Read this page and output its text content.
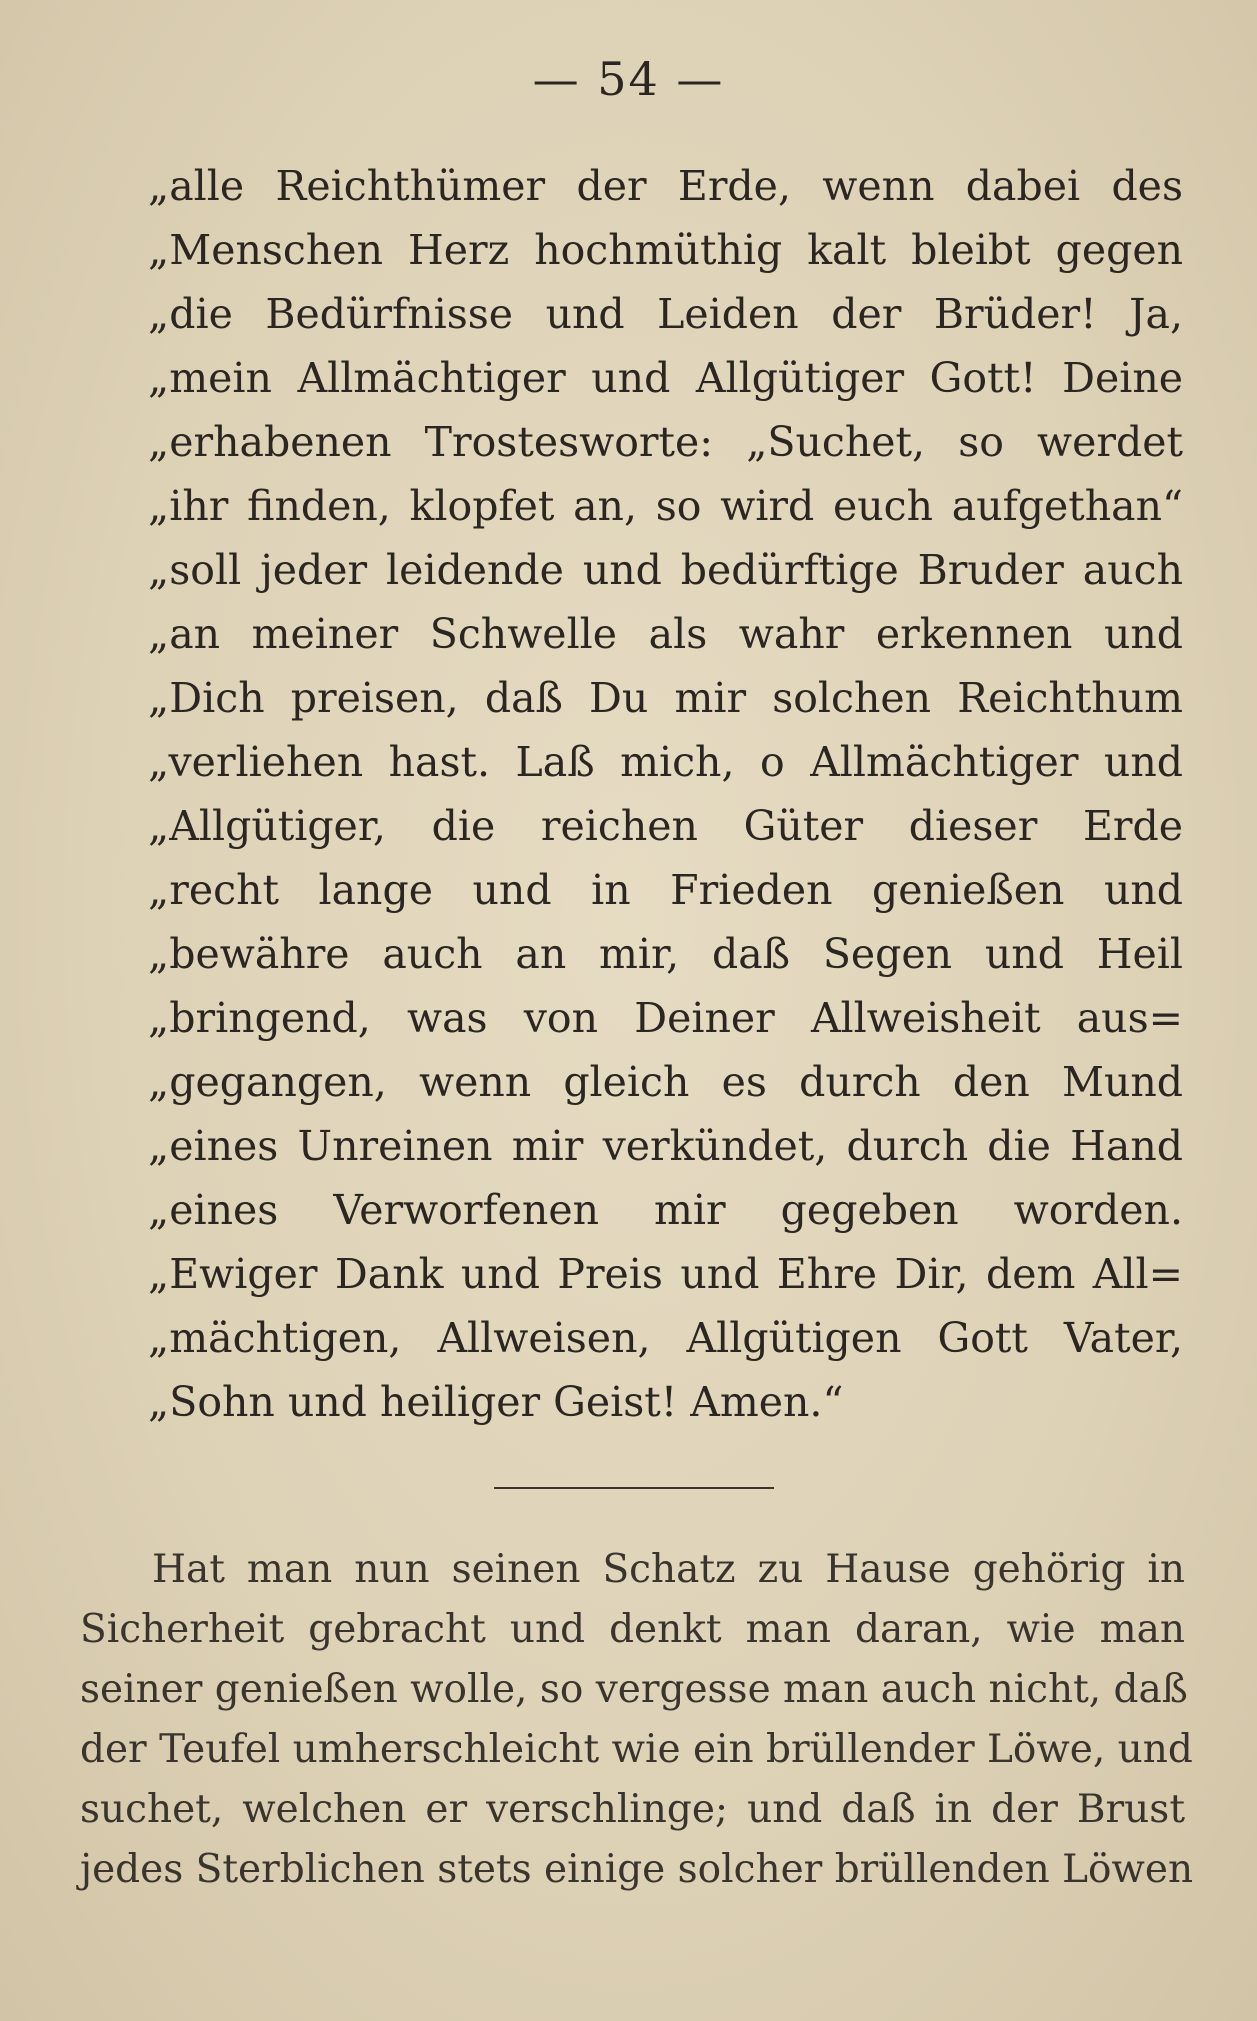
— 54 —
„alle Reichthümer der Erde, wenn dabei des
„Menschen Herz hochmüthig kalt bleibt gegen
„die Bedürfnisse und Leiden der Brüder! Ja,
„mein Allmächtiger und Allgütiger Gott! Deine
„erhabenen Trostesworte: „Suchet, so werdet
„ihr finden, klopfet an, so wird euch aufgethan“
„soll jeder leidende und bedürftige Bruder auch
„an meiner Schwelle als wahr erkennen und
„Dich preisen, daß Du mir solchen Reichthum
„verliehen hast. Laß mich, o Allmächtiger und
„Allgütiger, die reichen Güter dieser Erde
„recht lange und in Frieden genießen und
„bewähre auch an mir, daß Segen und Heil
„bringend, was von Deiner Allweisheit aus=
„gegangen, wenn gleich es durch den Mund
„eines Unreinen mir verkündet, durch die Hand
„eines Verworfenen mir gegeben worden.
„Ewiger Dank und Preis und Ehre Dir, dem All=
„mächtigen, Allweisen, Allgütigen Gott Vater,
„Sohn und heiliger Geist! Amen.“
Hat man nun seinen Schatz zu Hause gehörig in
Sicherheit gebracht und denkt man daran, wie man
seiner genießen wolle, so vergesse man auch nicht, daß
der Teufel umherschleicht wie ein brüllender Löwe, und
suchet, welchen er verschlinge; und daß in der Brust
jedes Sterblichen stets einige solcher brüllenden Löwen
